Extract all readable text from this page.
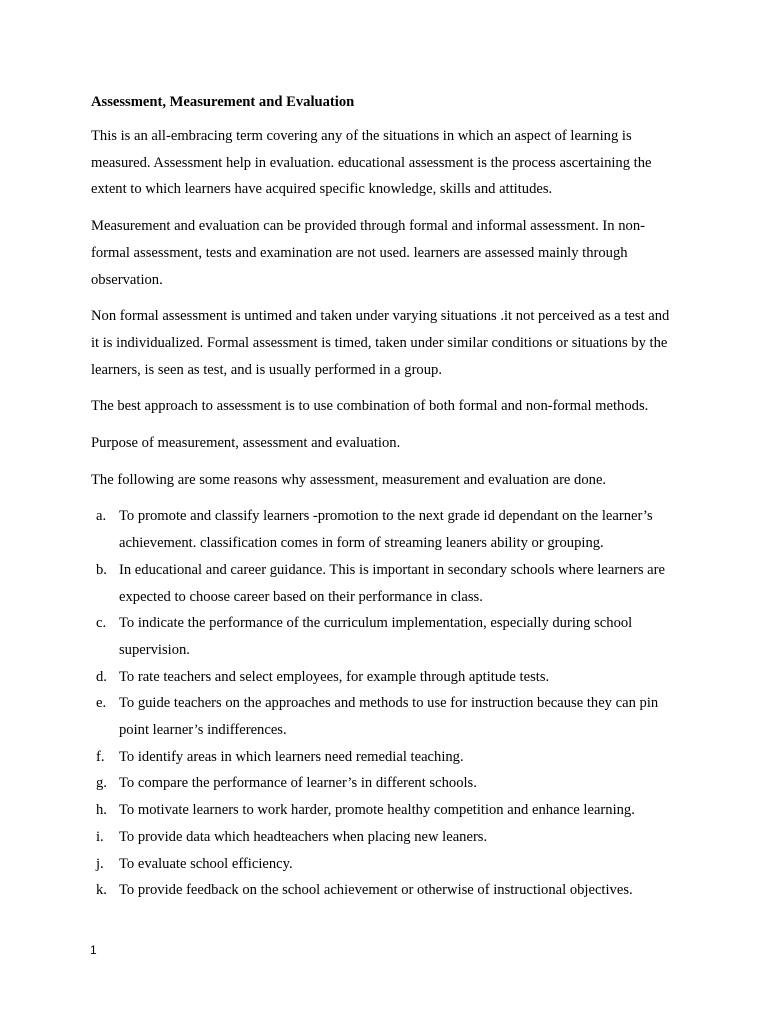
Assessment, Measurement and Evaluation
This is an all-embracing term covering any of the situations in which an aspect of learning is measured. Assessment help in evaluation. educational assessment is the process ascertaining the extent to which learners have acquired specific knowledge, skills and attitudes.
Measurement and evaluation can be provided through formal and informal assessment. In non-formal assessment, tests and examination are not used. learners are assessed mainly through observation.
Non formal assessment is untimed and taken under varying situations .it not perceived as a test and it is individualized. Formal assessment is timed, taken under similar conditions or situations by the learners, is seen as test, and is usually performed in a group.
The best approach to assessment is to use combination of both formal and non-formal methods.
Purpose of measurement, assessment and evaluation.
The following are some reasons why assessment, measurement and evaluation are done.
a. To promote and classify learners -promotion to the next grade id dependant on the learner’s achievement. classification comes in form of streaming leaners ability or grouping.
b. In educational and career guidance. This is important in secondary schools where learners are expected to choose career based on their performance in class.
c. To indicate the performance of the curriculum implementation, especially during school supervision.
d. To rate teachers and select employees, for example through aptitude tests.
e. To guide teachers on the approaches and methods to use for instruction because they can pin point learner’s indifferences.
f. To identify areas in which learners need remedial teaching.
g. To compare the performance of learner’s in different schools.
h. To motivate learners to work harder, promote healthy competition and enhance learning.
i.	To provide data which headteachers when placing new leaners.
j.	To evaluate school efficiency.
k. To provide feedback on the school achievement or otherwise of instructional objectives.
1
